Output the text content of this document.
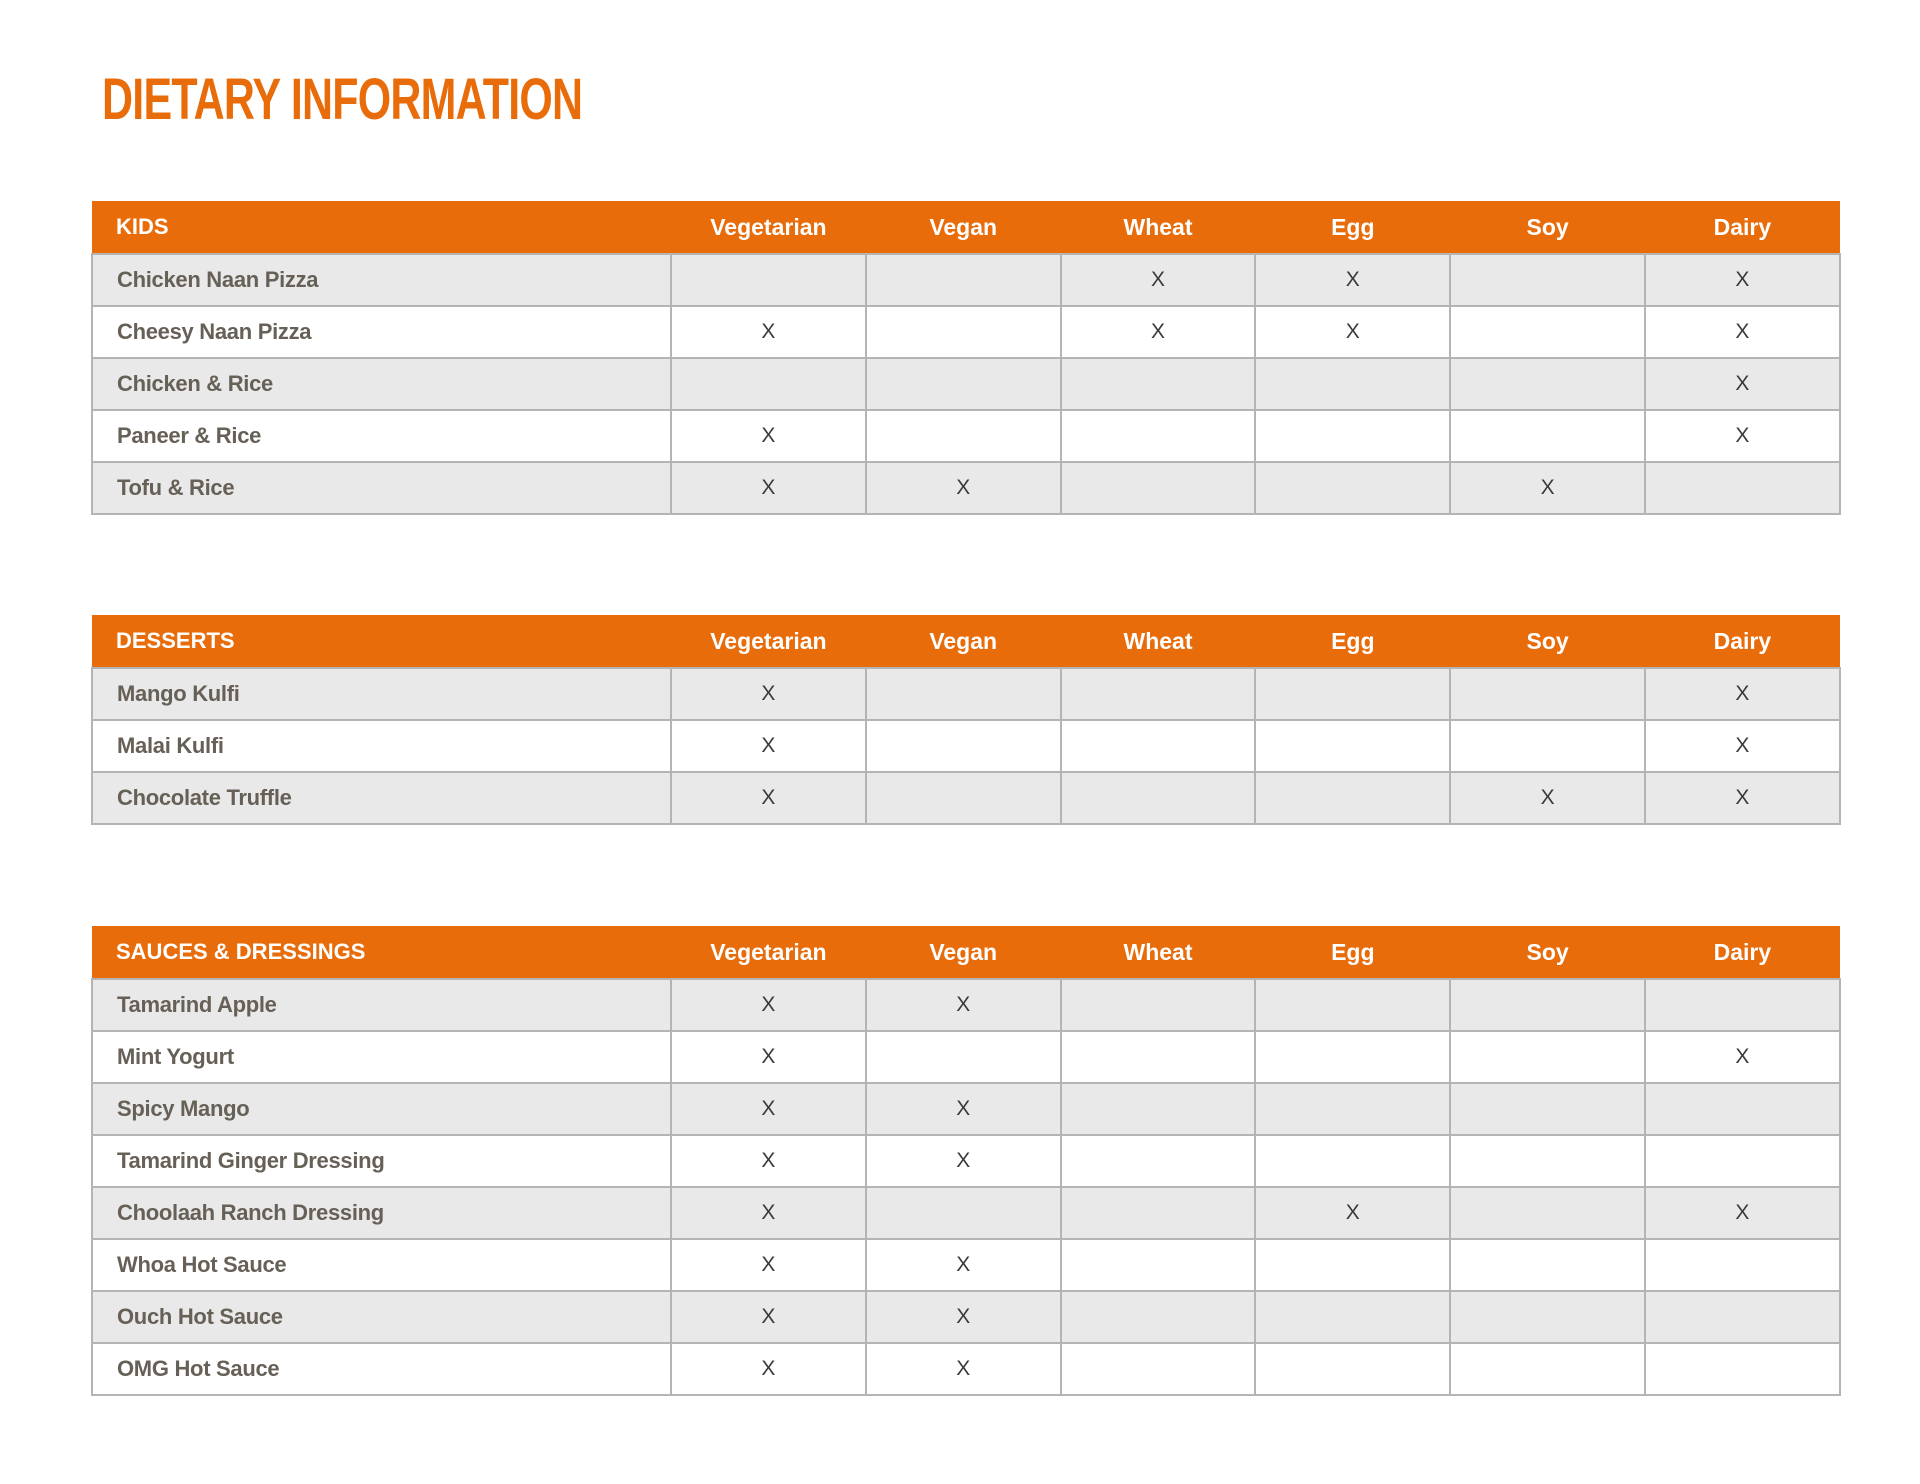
DIETARY INFORMATION
KIDS	Vegetarian	Vegan	Wheat	Egg	Soy	Dairy
Chicken Naan Pizza			X	X		X
Cheesy Naan Pizza	X		X	X		X
Chicken & Rice						X
Paneer & Rice	X					X
Tofu & Rice	X	X			X	
DESSERTS	Vegetarian	Vegan	Wheat	Egg	Soy	Dairy
Mango Kulfi	X					X
Malai Kulfi	X					X
Chocolate Truffle	X				X	X
SAUCES & DRESSINGS	Vegetarian	Vegan	Wheat	Egg	Soy	Dairy
Tamarind Apple	X	X				
Mint Yogurt	X					X
Spicy Mango	X	X				
Tamarind Ginger Dressing	X	X				
Choolaah Ranch Dressing	X			X		X
Whoa Hot Sauce	X	X				
Ouch Hot Sauce	X	X				
OMG Hot Sauce	X	X				
